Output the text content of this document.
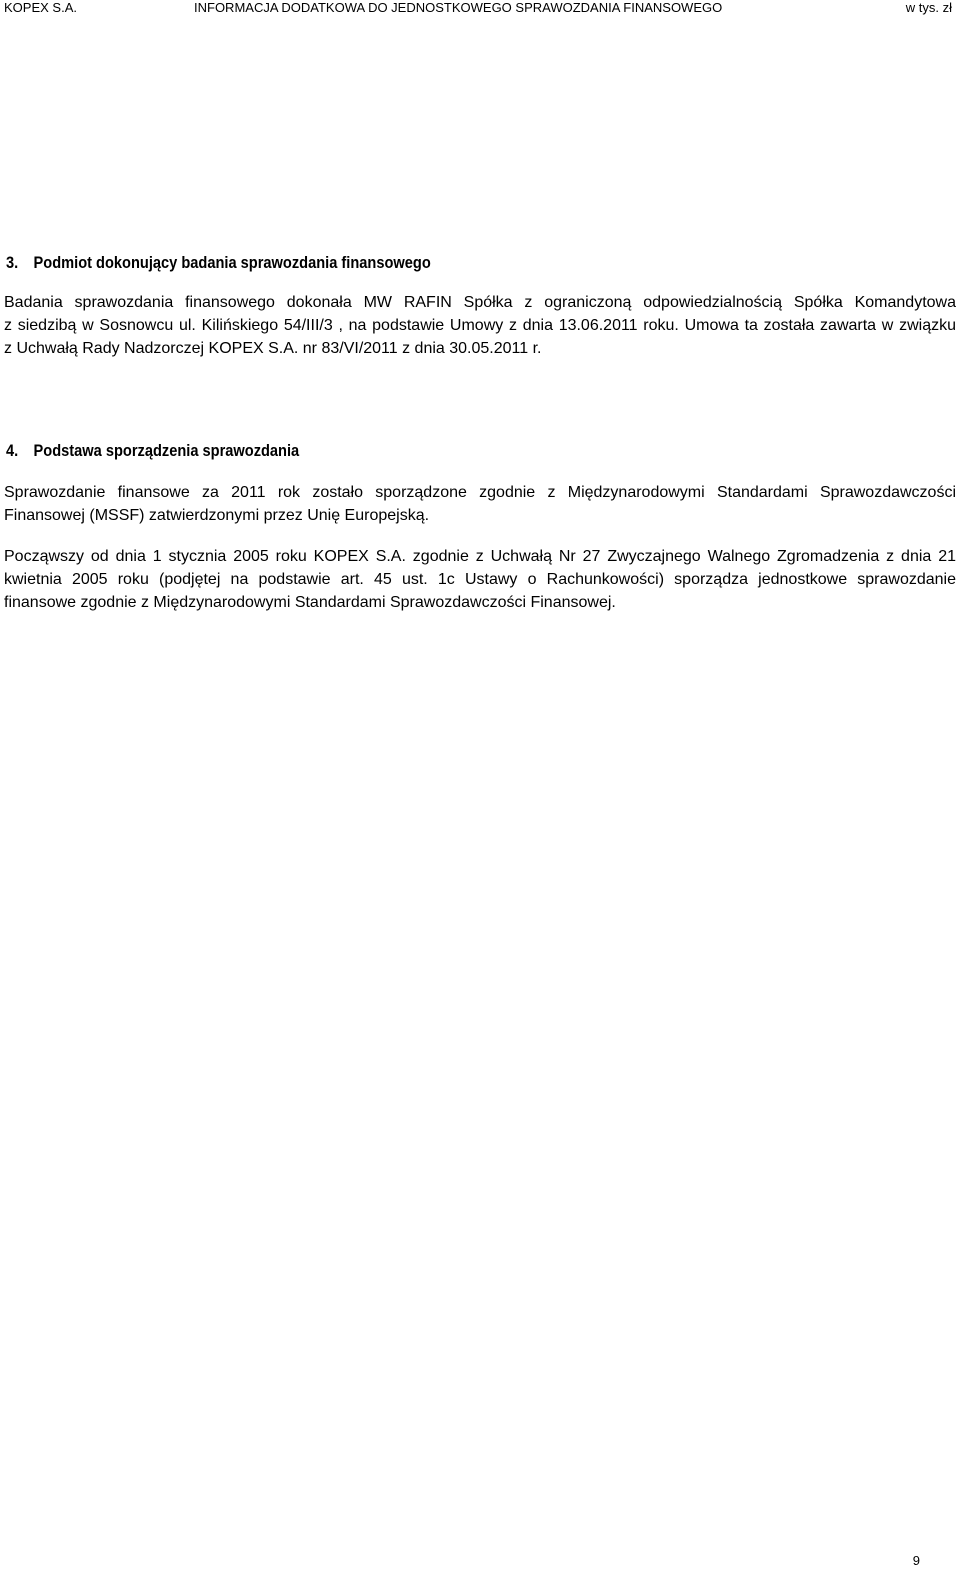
KOPEX S.A.	INFORMACJA DODATKOWA DO JEDNOSTKOWEGO SPRAWOZDANIA FINANSOWEGO	w tys. zł
3. Podmiot dokonujący badania sprawozdania finansowego
Badania sprawozdania finansowego dokonała MW RAFIN Spółka z ograniczoną odpowiedzialnością Spółka Komandytowa
z siedzibą w Sosnowcu ul. Kilińskiego 54/III/3 , na podstawie Umowy z dnia 13.06.2011 roku. Umowa ta została zawarta w związku
z Uchwałą Rady Nadzorczej KOPEX S.A. nr 83/VI/2011 z dnia 30.05.2011 r.
4. Podstawa sporządzenia sprawozdania
Sprawozdanie finansowe za 2011 rok zostało sporządzone zgodnie z Międzynarodowymi Standardami Sprawozdawczości
Finansowej (MSSF) zatwierdzonymi przez Unię Europejską.
Począwszy od dnia 1 stycznia 2005 roku KOPEX S.A. zgodnie z Uchwałą Nr 27 Zwyczajnego Walnego Zgromadzenia z dnia 21
kwietnia 2005 roku (podjętej na podstawie art. 45 ust. 1c Ustawy o Rachunkowości) sporządza jednostkowe sprawozdanie
finansowe zgodnie z Międzynarodowymi Standardami Sprawozdawczości Finansowej.
9
